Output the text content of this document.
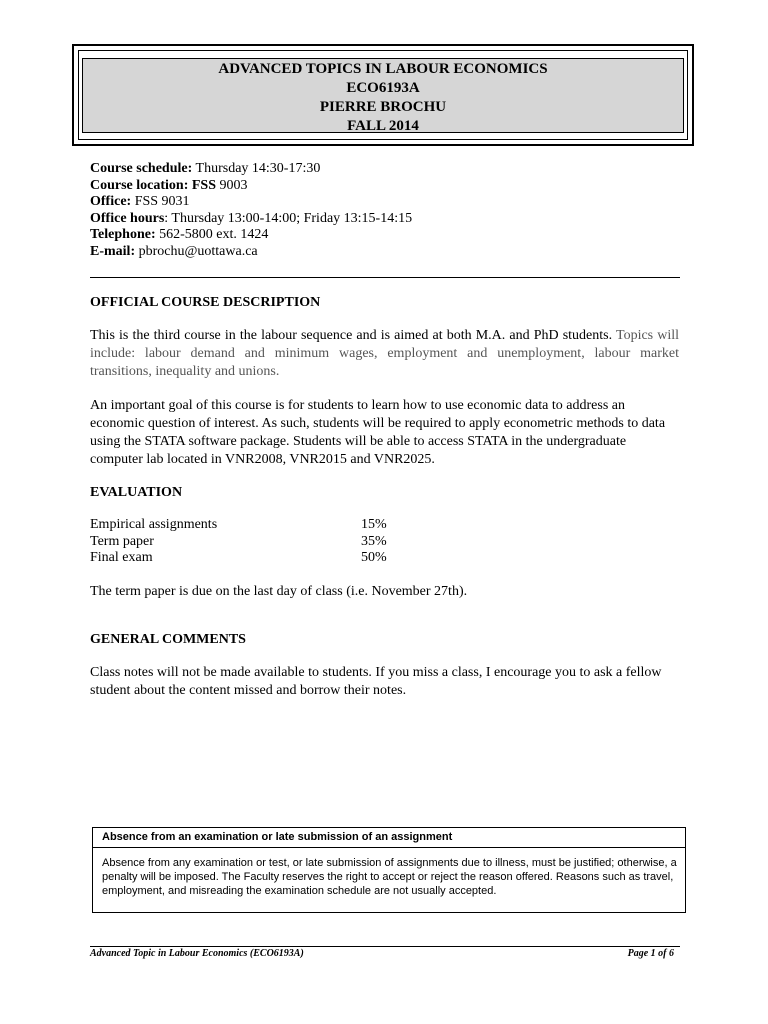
ADVANCED TOPICS IN LABOUR ECONOMICS
ECO6193A
PIERRE BROCHU
FALL 2014
Course schedule: Thursday 14:30-17:30
Course location: FSS 9003
Office: FSS 9031
Office hours: Thursday 13:00-14:00; Friday 13:15-14:15
Telephone: 562-5800 ext. 1424
E-mail: pbrochu@uottawa.ca
OFFICIAL COURSE DESCRIPTION
This is the third course in the labour sequence and is aimed at both M.A. and PhD students. Topics will include: labour demand and minimum wages, employment and unemployment, labour market transitions, inequality and unions.
An important goal of this course is for students to learn how to use economic data to address an economic question of interest. As such, students will be required to apply econometric methods to data using the STATA software package. Students will be able to access STATA in the undergraduate computer lab located in VNR2008, VNR2015 and VNR2025.
EVALUATION
Empirical assignments	15%
Term paper	35%
Final exam	50%
The term paper is due on the last day of class (i.e. November 27th).
GENERAL COMMENTS
Class notes will not be made available to students. If you miss a class, I encourage you to ask a fellow student about the content missed and borrow their notes.
Absence from an examination or late submission of an assignment
Absence from any examination or test, or late submission of assignments due to illness, must be justified; otherwise, a penalty will be imposed. The Faculty reserves the right to accept or reject the reason offered. Reasons such as travel, employment, and misreading the examination schedule are not usually accepted.
Advanced Topic in Labour Economics (ECO6193A)	Page 1 of 6
